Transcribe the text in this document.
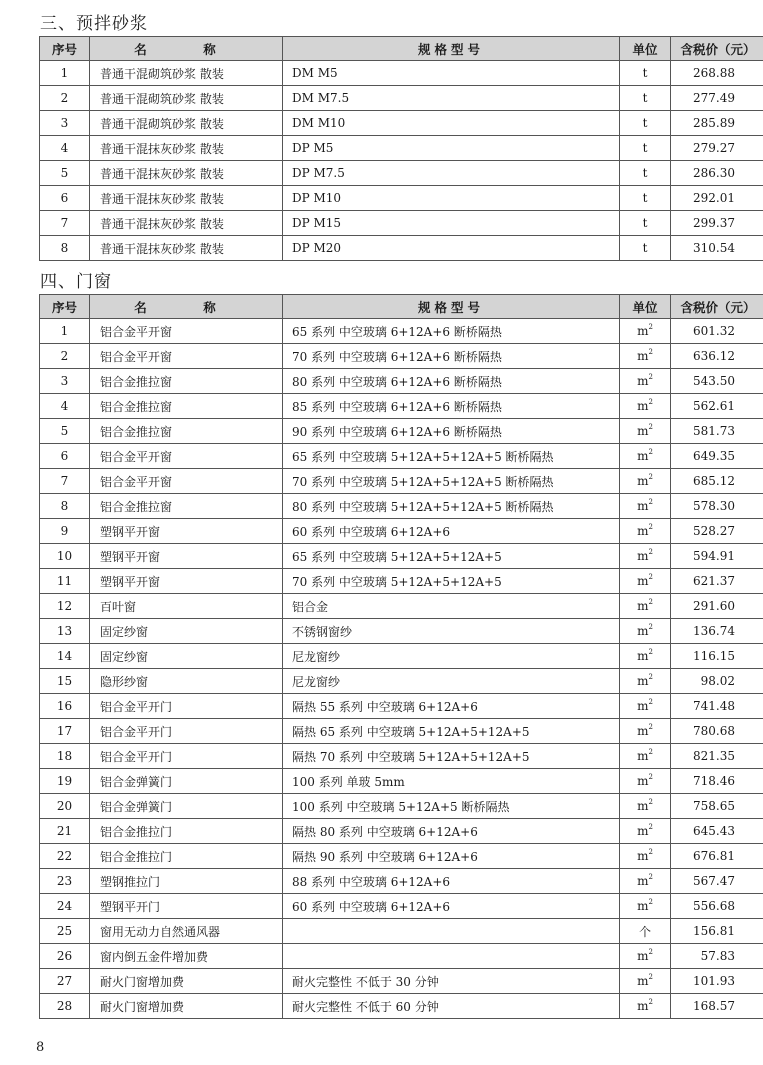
三、预拌砂浆
序号	名　称	规格型号	单位	含税价（元）
1	普通干混砌筑砂浆 散装	DM M5	t	268.88
2	普通干混砌筑砂浆 散装	DM M7.5	t	277.49
3	普通干混砌筑砂浆 散装	DM M10	t	285.89
4	普通干混抹灰砂浆 散装	DP M5	t	279.27
5	普通干混抹灰砂浆 散装	DP M7.5	t	286.30
6	普通干混抹灰砂浆 散装	DP M10	t	292.01
7	普通干混抹灰砂浆 散装	DP M15	t	299.37
8	普通干混抹灰砂浆 散装	DP M20	t	310.54
四、门窗
序号	名　称	规格型号	单位	含税价（元）
1	铝合金平开窗	65 系列 中空玻璃 6+12A+6 断桥隔热	$m^2$	601.32
2	铝合金平开窗	70 系列 中空玻璃 6+12A+6 断桥隔热	$m^2$	636.12
3	铝合金推拉窗	80 系列 中空玻璃 6+12A+6 断桥隔热	$m^2$	543.50
4	铝合金推拉窗	85 系列 中空玻璃 6+12A+6 断桥隔热	$m^2$	562.61
5	铝合金推拉窗	90 系列 中空玻璃 6+12A+6 断桥隔热	$m^2$	581.73
6	铝合金平开窗	65 系列 中空玻璃 5+12A+5+12A+5 断桥隔热	$m^2$	649.35
7	铝合金平开窗	70 系列 中空玻璃 5+12A+5+12A+5 断桥隔热	$m^2$	685.12
8	铝合金推拉窗	80 系列 中空玻璃 5+12A+5+12A+5 断桥隔热	$m^2$	578.30
9	塑钢平开窗	60 系列 中空玻璃 6+12A+6	$m^2$	528.27
10	塑钢平开窗	65 系列 中空玻璃 5+12A+5+12A+5	$m^2$	594.91
11	塑钢平开窗	70 系列 中空玻璃 5+12A+5+12A+5	$m^2$	621.37
12	百叶窗	铝合金	$m^2$	291.60
13	固定纱窗	不锈钢窗纱	$m^2$	136.74
14	固定纱窗	尼龙窗纱	$m^2$	116.15
15	隐形纱窗	尼龙窗纱	$m^2$	98.02
16	铝合金平开门	隔热 55 系列 中空玻璃 6+12A+6	$m^2$	741.48
17	铝合金平开门	隔热 65 系列 中空玻璃 5+12A+5+12A+5	$m^2$	780.68
18	铝合金平开门	隔热 70 系列 中空玻璃 5+12A+5+12A+5	$m^2$	821.35
19	铝合金弹簧门	100 系列 单玻 5mm	$m^2$	718.46
20	铝合金弹簧门	100 系列 中空玻璃 5+12A+5 断桥隔热	$m^2$	758.65
21	铝合金推拉门	隔热 80 系列 中空玻璃 6+12A+6	$m^2$	645.43
22	铝合金推拉门	隔热 90 系列 中空玻璃 6+12A+6	$m^2$	676.81
23	塑钢推拉门	88 系列 中空玻璃 6+12A+6	$m^2$	567.47
24	塑钢平开门	60 系列 中空玻璃 6+12A+6	$m^2$	556.68
25	窗用无动力自然通风器		个	156.81
26	窗内倒五金件增加费		$m^2$	57.83
27	耐火门窗增加费	耐火完整性 不低于 30 分钟	$m^2$	101.93
28	耐火门窗增加费	耐火完整性 不低于 60 分钟	$m^2$	168.57
8
